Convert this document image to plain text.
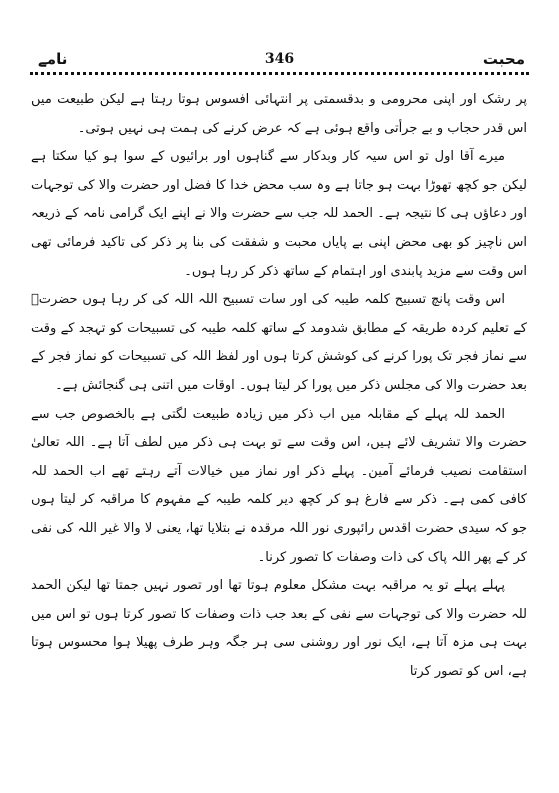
نامے	346	محبت

پر رشک اور اپنی محرومی و بدقسمتی پر انتہائی افسوس ہوتا رہتا ہے لیکن طبیعت میں اس قدر حجاب و بے جرأتی واقع ہوئی ہے کہ عرض کرنے کی ہمت ہی نہیں ہوتی۔

میرے آقا اول تو اس سیہ کار وبدکار سے گناہوں اور برائیوں کے سوا ہو کیا سکتا ہے لیکن جو کچھ تھوڑا بہت ہو جاتا ہے وہ سب محض خدا کا فضل اور حضرت والا کی توجہات اور دعاؤں ہی کا نتیجہ ہے۔ الحمد للہ جب سے حضرت والا نے اپنے ایک گرامی نامہ کے ذریعہ اس ناچیز کو بھی محض اپنی بے پایاں محبت و شفقت کی بنا پر ذکر کی تاکید فرمائی تھی اس وقت سے مزید پابندی اور اہتمام کے ساتھ ذکر کر رہا ہوں۔

اس وقت پانچ تسبیح کلمہ طیبہ کی اور سات تسبیح اللہ اللہ کی کر رہا ہوں حضرتؒ کے تعلیم کردہ طریقہ کے مطابق شدومد کے ساتھ کلمہ طیبہ کی تسبیحات کو تہجد کے وقت سے نماز فجر تک پورا کرنے کی کوشش کرتا ہوں اور لفظ اللہ کی تسبیحات کو نماز فجر کے بعد حضرت والا کی مجلس ذکر میں پورا کر لیتا ہوں۔ اوقات میں اتنی ہی گنجائش ہے۔

الحمد للہ پہلے کے مقابلہ میں اب ذکر میں زیادہ طبیعت لگتی ہے بالخصوص جب سے حضرت والا تشریف لائے ہیں، اس وقت سے تو بہت ہی ذکر میں لطف آتا ہے۔ اللہ تعالیٰ استقامت نصیب فرمائے آمین۔ پہلے ذکر اور نماز میں خیالات آتے رہتے تھے اب الحمد للہ کافی کمی ہے۔ ذکر سے فارغ ہو کر کچھ دیر کلمہ طیبہ کے مفہوم کا مراقبہ کر لیتا ہوں جو کہ سیدی حضرت اقدس رائپوری نور اللہ مرقدہ نے بتلایا تھا، یعنی لا والا غیر اللہ کی نفی کر کے پھر اللہ پاک کی ذات وصفات کا تصور کرنا۔

پہلے پہلے تو یہ مراقبہ بہت مشکل معلوم ہوتا تھا اور تصور نہیں جمتا تھا لیکن الحمد للہ حضرت والا کی توجہات سے نفی کے بعد جب ذات وصفات کا تصور کرتا ہوں تو اس میں بہت ہی مزہ آتا ہے، ایک نور اور روشنی سی ہر جگہ وہر طرف پھیلا ہوا محسوس ہوتا ہے، اس کو تصور کرتا
